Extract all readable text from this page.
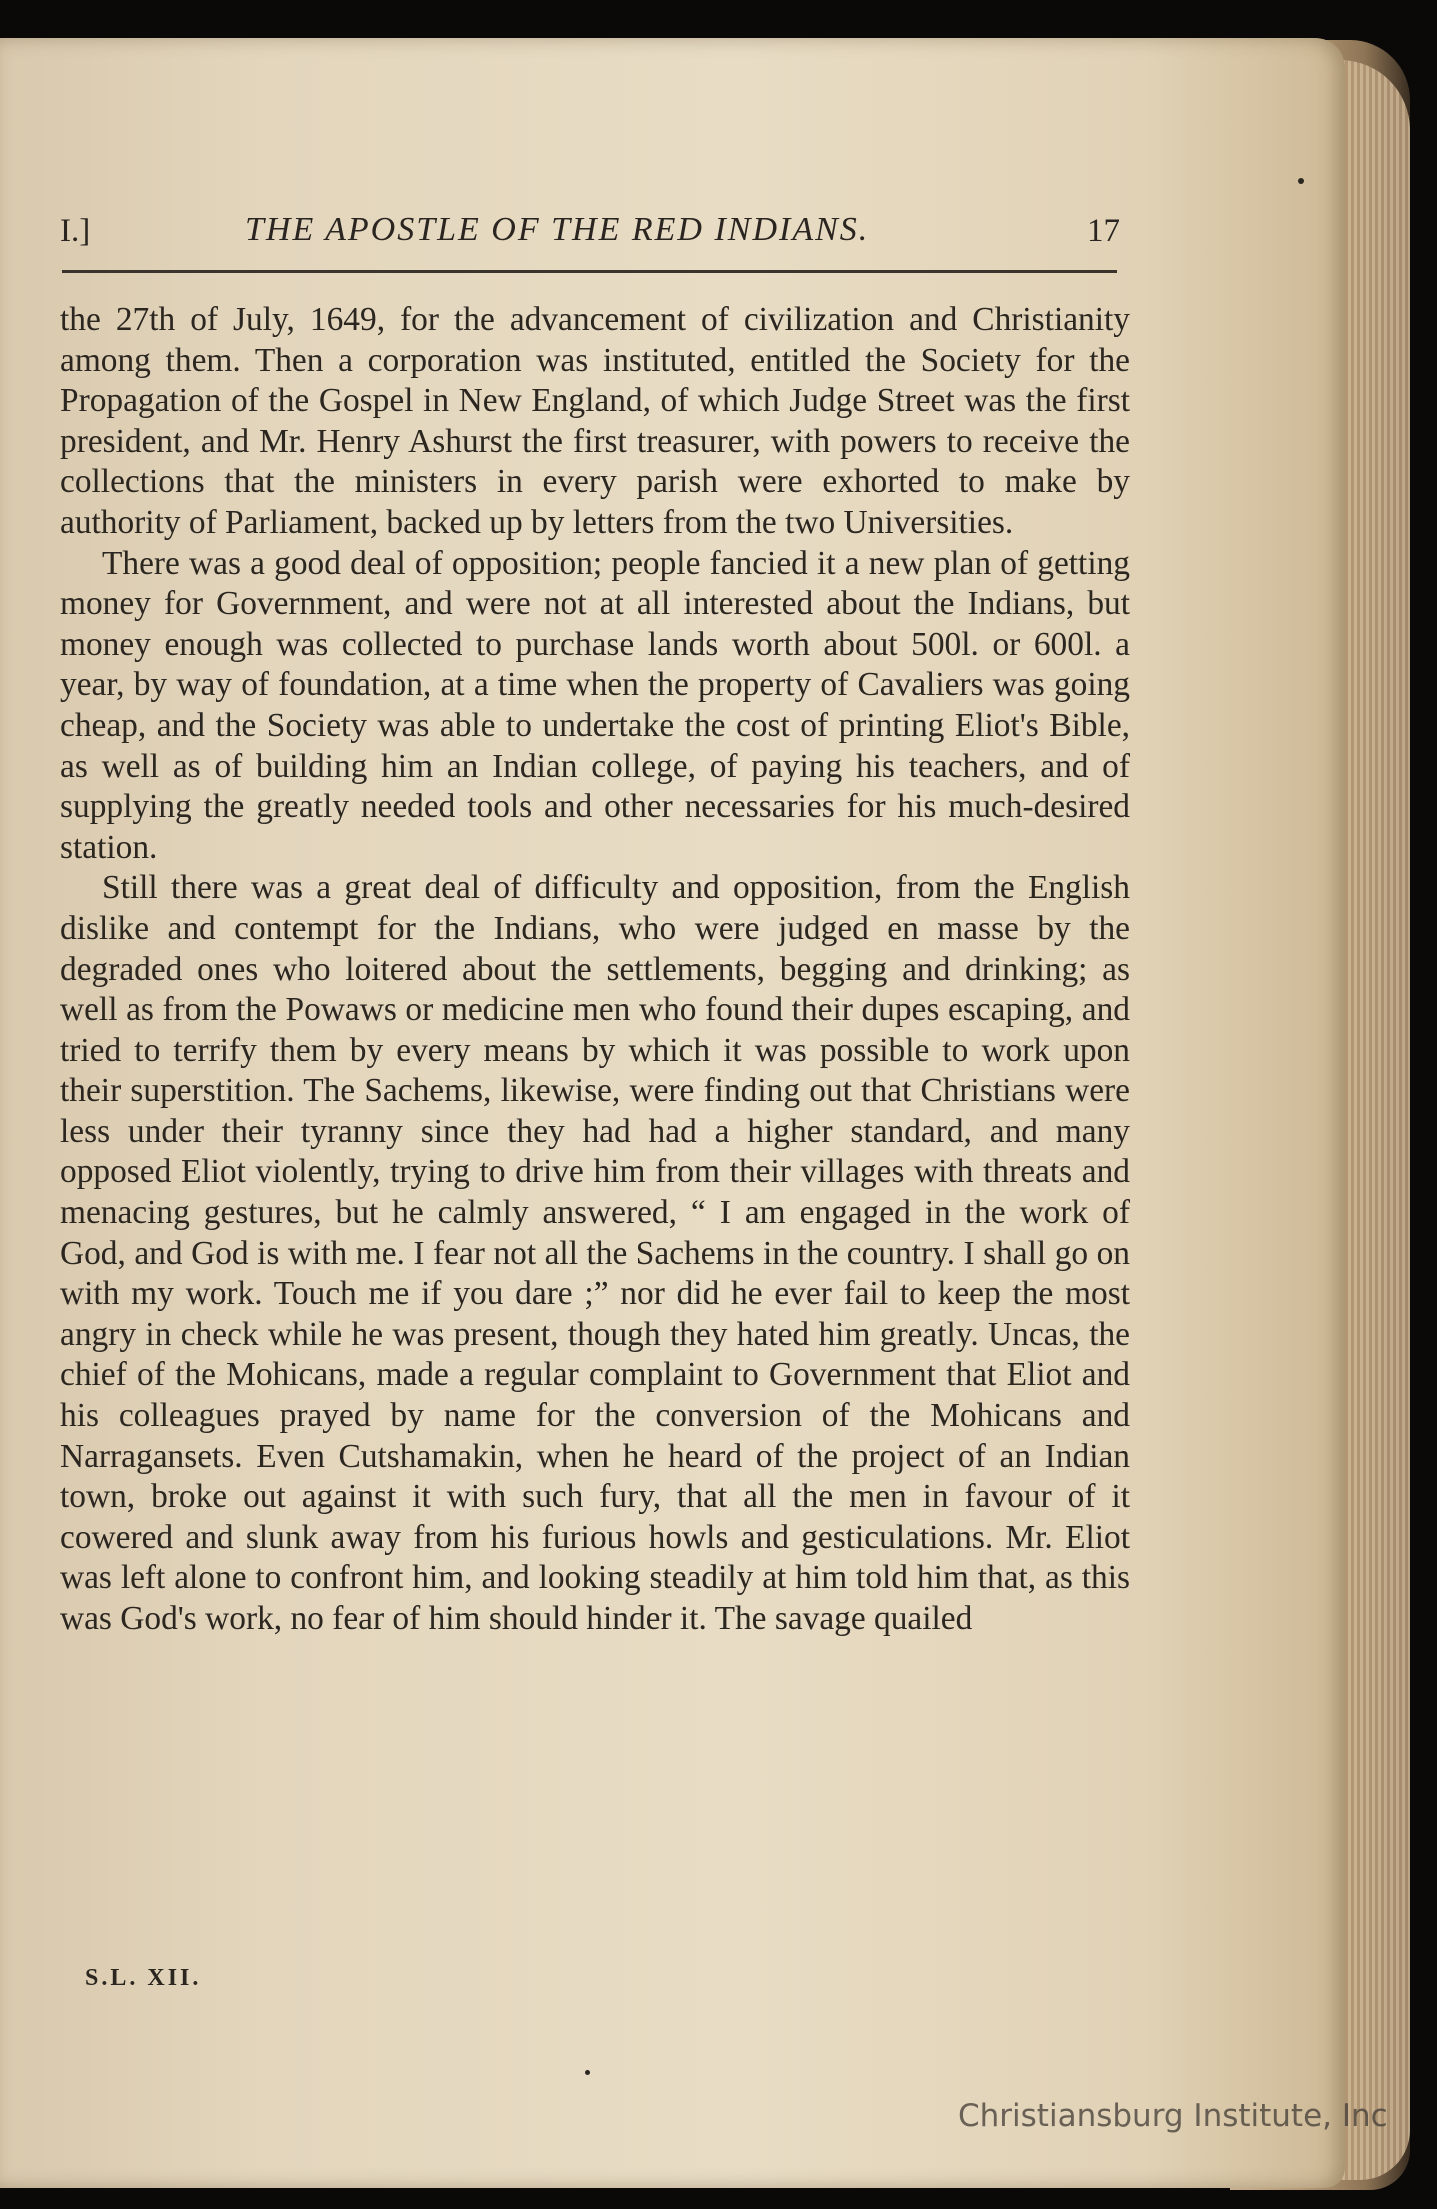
I.]	THE APOSTLE OF THE RED INDIANS.	17

the 27th of July, 1649, for the advancement of civilization and Christianity among them. Then a corporation was instituted, entitled the Society for the Propagation of the Gospel in New England, of which Judge Street was the first president, and Mr. Henry Ashurst the first treasurer, with powers to receive the collections that the ministers in every parish were exhorted to make by authority of Parliament, backed up by letters from the two Universities.

There was a good deal of opposition; people fancied it a new plan of getting money for Government, and were not at all interested about the Indians, but money enough was collected to purchase lands worth about 500l. or 600l. a year, by way of foundation, at a time when the property of Cavaliers was going cheap, and the Society was able to undertake the cost of printing Eliot's Bible, as well as of building him an Indian college, of paying his teachers, and of supplying the greatly needed tools and other necessaries for his much-desired station.

Still there was a great deal of difficulty and opposition, from the English dislike and contempt for the Indians, who were judged en masse by the degraded ones who loitered about the settlements, begging and drinking; as well as from the Powaws or medicine men who found their dupes escaping, and tried to terrify them by every means by which it was possible to work upon their superstition. The Sachems, likewise, were finding out that Christians were less under their tyranny since they had had a higher standard, and many opposed Eliot violently, trying to drive him from their villages with threats and menacing gestures, but he calmly answered, “ I am engaged in the work of God, and God is with me. I fear not all the Sachems in the country. I shall go on with my work. Touch me if you dare ;” nor did he ever fail to keep the most angry in check while he was present, though they hated him greatly. Uncas, the chief of the Mohicans, made a regular complaint to Government that Eliot and his colleagues prayed by name for the conversion of the Mohicans and Narragansets. Even Cutshamakin, when he heard of the project of an Indian town, broke out against it with such fury, that all the men in favour of it cowered and slunk away from his furious howls and gesticulations. Mr. Eliot was left alone to confront him, and looking steadily at him told him that, as this was God's work, no fear of him should hinder it. The savage quailed

S.L. XII.
Christiansburg Institute, Inc
